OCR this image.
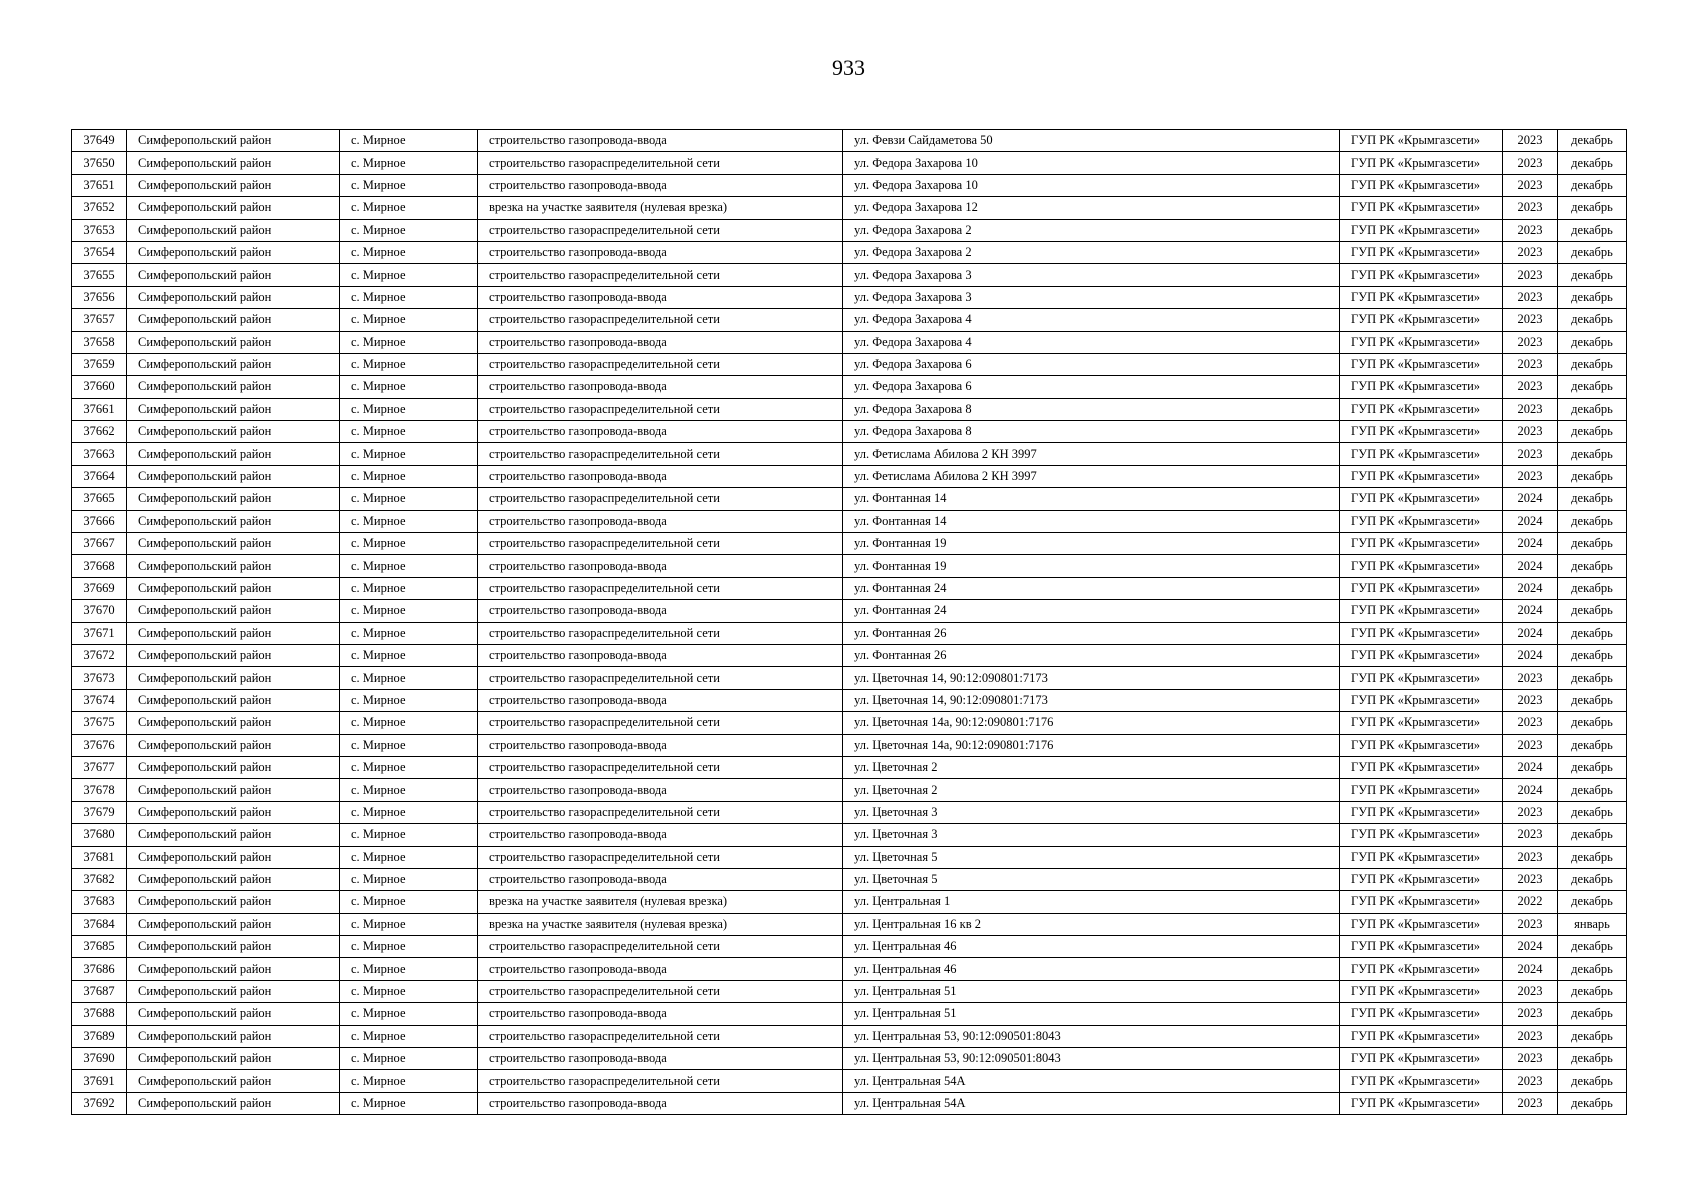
933
37649	Симферопольский район	с. Мирное	строительство газопровода-ввода	ул. Февзи Сайдаметова 50	ГУП РК «Крымгазсети»	2023	декабрь
37650	Симферопольский район	с. Мирное	строительство газораспределительной сети	ул. Федора Захарова 10	ГУП РК «Крымгазсети»	2023	декабрь
37651	Симферопольский район	с. Мирное	строительство газопровода-ввода	ул. Федора Захарова 10	ГУП РК «Крымгазсети»	2023	декабрь
37652	Симферопольский район	с. Мирное	врезка на участке заявителя (нулевая врезка)	ул. Федора Захарова 12	ГУП РК «Крымгазсети»	2023	декабрь
37653	Симферопольский район	с. Мирное	строительство газораспределительной сети	ул. Федора Захарова 2	ГУП РК «Крымгазсети»	2023	декабрь
37654	Симферопольский район	с. Мирное	строительство газопровода-ввода	ул. Федора Захарова 2	ГУП РК «Крымгазсети»	2023	декабрь
37655	Симферопольский район	с. Мирное	строительство газораспределительной сети	ул. Федора Захарова 3	ГУП РК «Крымгазсети»	2023	декабрь
37656	Симферопольский район	с. Мирное	строительство газопровода-ввода	ул. Федора Захарова 3	ГУП РК «Крымгазсети»	2023	декабрь
37657	Симферопольский район	с. Мирное	строительство газораспределительной сети	ул. Федора Захарова 4	ГУП РК «Крымгазсети»	2023	декабрь
37658	Симферопольский район	с. Мирное	строительство газопровода-ввода	ул. Федора Захарова 4	ГУП РК «Крымгазсети»	2023	декабрь
37659	Симферопольский район	с. Мирное	строительство газораспределительной сети	ул. Федора Захарова 6	ГУП РК «Крымгазсети»	2023	декабрь
37660	Симферопольский район	с. Мирное	строительство газопровода-ввода	ул. Федора Захарова 6	ГУП РК «Крымгазсети»	2023	декабрь
37661	Симферопольский район	с. Мирное	строительство газораспределительной сети	ул. Федора Захарова 8	ГУП РК «Крымгазсети»	2023	декабрь
37662	Симферопольский район	с. Мирное	строительство газопровода-ввода	ул. Федора Захарова 8	ГУП РК «Крымгазсети»	2023	декабрь
37663	Симферопольский район	с. Мирное	строительство газораспределительной сети	ул. Фетислама Абилова 2 КН 3997	ГУП РК «Крымгазсети»	2023	декабрь
37664	Симферопольский район	с. Мирное	строительство газопровода-ввода	ул. Фетислама Абилова 2 КН 3997	ГУП РК «Крымгазсети»	2023	декабрь
37665	Симферопольский район	с. Мирное	строительство газораспределительной сети	ул. Фонтанная 14	ГУП РК «Крымгазсети»	2024	декабрь
37666	Симферопольский район	с. Мирное	строительство газопровода-ввода	ул. Фонтанная 14	ГУП РК «Крымгазсети»	2024	декабрь
37667	Симферопольский район	с. Мирное	строительство газораспределительной сети	ул. Фонтанная 19	ГУП РК «Крымгазсети»	2024	декабрь
37668	Симферопольский район	с. Мирное	строительство газопровода-ввода	ул. Фонтанная 19	ГУП РК «Крымгазсети»	2024	декабрь
37669	Симферопольский район	с. Мирное	строительство газораспределительной сети	ул. Фонтанная 24	ГУП РК «Крымгазсети»	2024	декабрь
37670	Симферопольский район	с. Мирное	строительство газопровода-ввода	ул. Фонтанная 24	ГУП РК «Крымгазсети»	2024	декабрь
37671	Симферопольский район	с. Мирное	строительство газораспределительной сети	ул. Фонтанная 26	ГУП РК «Крымгазсети»	2024	декабрь
37672	Симферопольский район	с. Мирное	строительство газопровода-ввода	ул. Фонтанная 26	ГУП РК «Крымгазсети»	2024	декабрь
37673	Симферопольский район	с. Мирное	строительство газораспределительной сети	ул. Цветочная 14, 90:12:090801:7173	ГУП РК «Крымгазсети»	2023	декабрь
37674	Симферопольский район	с. Мирное	строительство газопровода-ввода	ул. Цветочная 14, 90:12:090801:7173	ГУП РК «Крымгазсети»	2023	декабрь
37675	Симферопольский район	с. Мирное	строительство газораспределительной сети	ул. Цветочная 14а, 90:12:090801:7176	ГУП РК «Крымгазсети»	2023	декабрь
37676	Симферопольский район	с. Мирное	строительство газопровода-ввода	ул. Цветочная 14а, 90:12:090801:7176	ГУП РК «Крымгазсети»	2023	декабрь
37677	Симферопольский район	с. Мирное	строительство газораспределительной сети	ул. Цветочная 2	ГУП РК «Крымгазсети»	2024	декабрь
37678	Симферопольский район	с. Мирное	строительство газопровода-ввода	ул. Цветочная 2	ГУП РК «Крымгазсети»	2024	декабрь
37679	Симферопольский район	с. Мирное	строительство газораспределительной сети	ул. Цветочная 3	ГУП РК «Крымгазсети»	2023	декабрь
37680	Симферопольский район	с. Мирное	строительство газопровода-ввода	ул. Цветочная 3	ГУП РК «Крымгазсети»	2023	декабрь
37681	Симферопольский район	с. Мирное	строительство газораспределительной сети	ул. Цветочная 5	ГУП РК «Крымгазсети»	2023	декабрь
37682	Симферопольский район	с. Мирное	строительство газопровода-ввода	ул. Цветочная 5	ГУП РК «Крымгазсети»	2023	декабрь
37683	Симферопольский район	с. Мирное	врезка на участке заявителя (нулевая врезка)	ул. Центральная 1	ГУП РК «Крымгазсети»	2022	декабрь
37684	Симферопольский район	с. Мирное	врезка на участке заявителя (нулевая врезка)	ул. Центральная 16 кв 2	ГУП РК «Крымгазсети»	2023	январь
37685	Симферопольский район	с. Мирное	строительство газораспределительной сети	ул. Центральная 46	ГУП РК «Крымгазсети»	2024	декабрь
37686	Симферопольский район	с. Мирное	строительство газопровода-ввода	ул. Центральная 46	ГУП РК «Крымгазсети»	2024	декабрь
37687	Симферопольский район	с. Мирное	строительство газораспределительной сети	ул. Центральная 51	ГУП РК «Крымгазсети»	2023	декабрь
37688	Симферопольский район	с. Мирное	строительство газопровода-ввода	ул. Центральная 51	ГУП РК «Крымгазсети»	2023	декабрь
37689	Симферопольский район	с. Мирное	строительство газораспределительной сети	ул. Центральная 53, 90:12:090501:8043	ГУП РК «Крымгазсети»	2023	декабрь
37690	Симферопольский район	с. Мирное	строительство газопровода-ввода	ул. Центральная 53, 90:12:090501:8043	ГУП РК «Крымгазсети»	2023	декабрь
37691	Симферопольский район	с. Мирное	строительство газораспределительной сети	ул. Центральная 54А	ГУП РК «Крымгазсети»	2023	декабрь
37692	Симферопольский район	с. Мирное	строительство газопровода-ввода	ул. Центральная 54А	ГУП РК «Крымгазсети»	2023	декабрь
